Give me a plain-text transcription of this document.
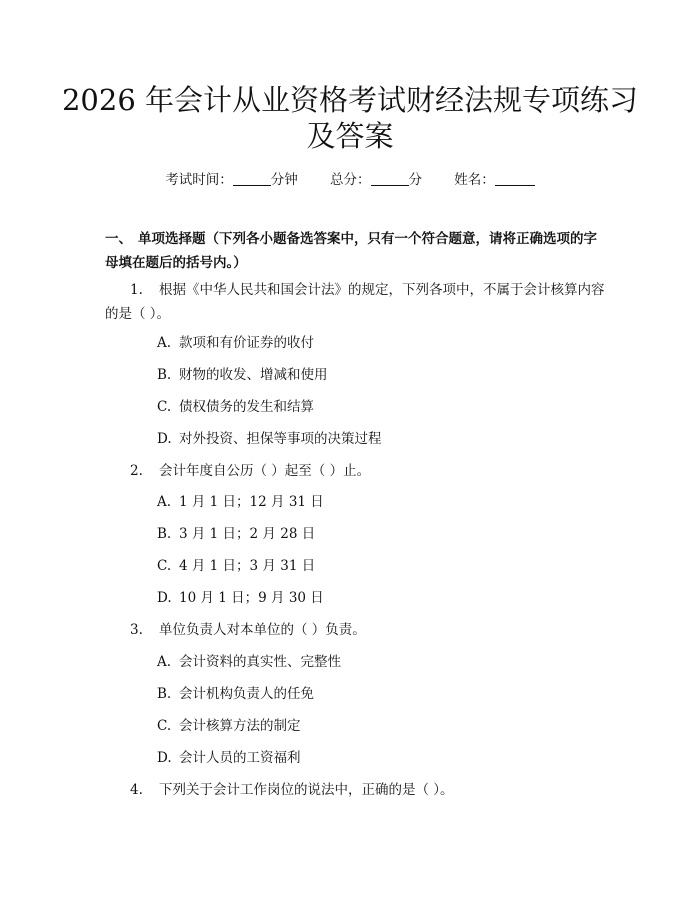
2026 年会计从业资格考试财经法规专项练习
及答案
考试时间：	分钟 总分：	分 姓名：
一、 单项选择题（下列各小题备选答案中，只有一个符合题意，请将正确选项的字母填在题后的括号内。）
1. 根据《中华人民共和国会计法》的规定，下列各项中，不属于会计核算内容的是（ ）。
A. 款项和有价证券的收付
B. 财物的收发、增减和使用
C. 债权债务的发生和结算
D. 对外投资、担保等事项的决策过程
2. 会计年度自公历（ ）起至（ ）止。
A. 1 月 1 日；12 月 31 日
B. 3 月 1 日；2 月 28 日
C. 4 月 1 日；3 月 31 日
D. 10 月 1 日；9 月 30 日
3. 单位负责人对本单位的（ ）负责。
A. 会计资料的真实性、完整性
B. 会计机构负责人的任免
C. 会计核算方法的制定
D. 会计人员的工资福利
4. 下列关于会计工作岗位的说法中，正确的是（ ）。
